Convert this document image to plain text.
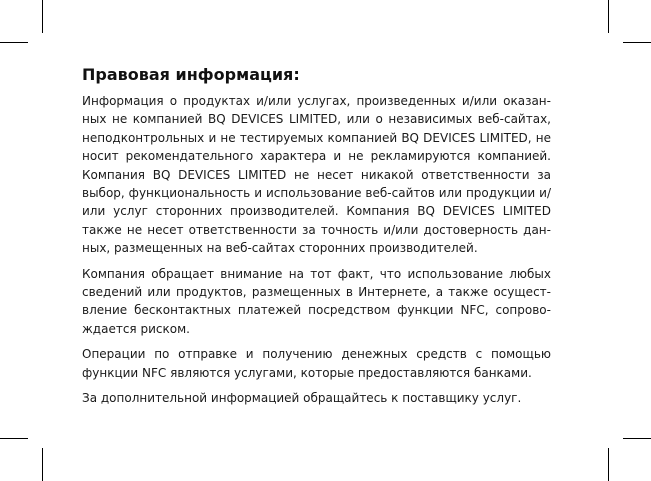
Правовая информация:

Информация о продуктах и/или услугах, произведенных и/или оказанных не компанией BQ DEVICES LIMITED, или о независимых веб-сайтах, неподконтрольных и не тестируемых компанией BQ DEVICES LIMITED, не носит рекомендательного характера и не рекламируются компанией. Компания BQ DEVICES LIMITED не несет никакой ответственности за выбор, функциональность и использование веб-сайтов или продукции и/или услуг сторонних производителей. Компания BQ DEVICES LIMITED также не несет ответственности за точность и/или достоверность данных, размещенных на веб-сайтах сторонних производителей.

Компания обращает внимание на тот факт, что использование любых сведений или продуктов, размещенных в Интернете, а также осуществление бесконтактных платежей посредством функции NFC, сопровождается риском.

Операции по отправке и получению денежных средств с помощью функции NFC являются услугами, которые предоставляются банками.

За дополнительной информацией обращайтесь к поставщику услуг.
